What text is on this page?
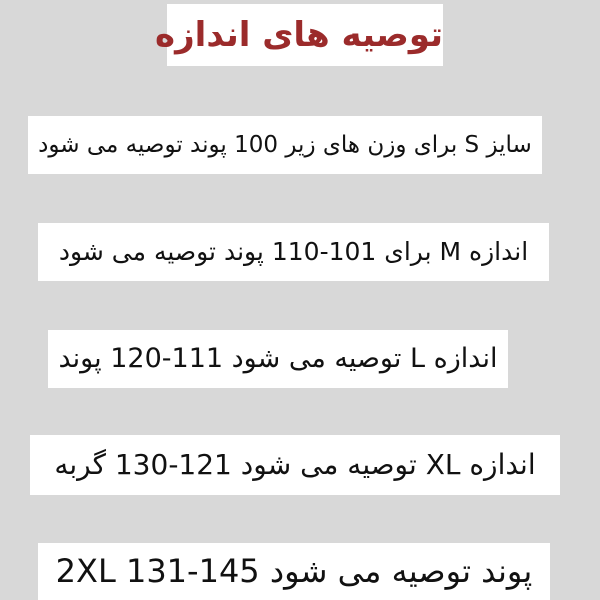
توصیه های اندازه
سایز S برای وزن های زیر 100 پوند توصیه می شود
اندازه M برای 101-110 پوند توصیه می شود
اندازه L توصیه می شود 111-120 پوند
اندازه XL توصیه می شود 121-130 گربه
پوند توصیه می شود 2XL 131-145
